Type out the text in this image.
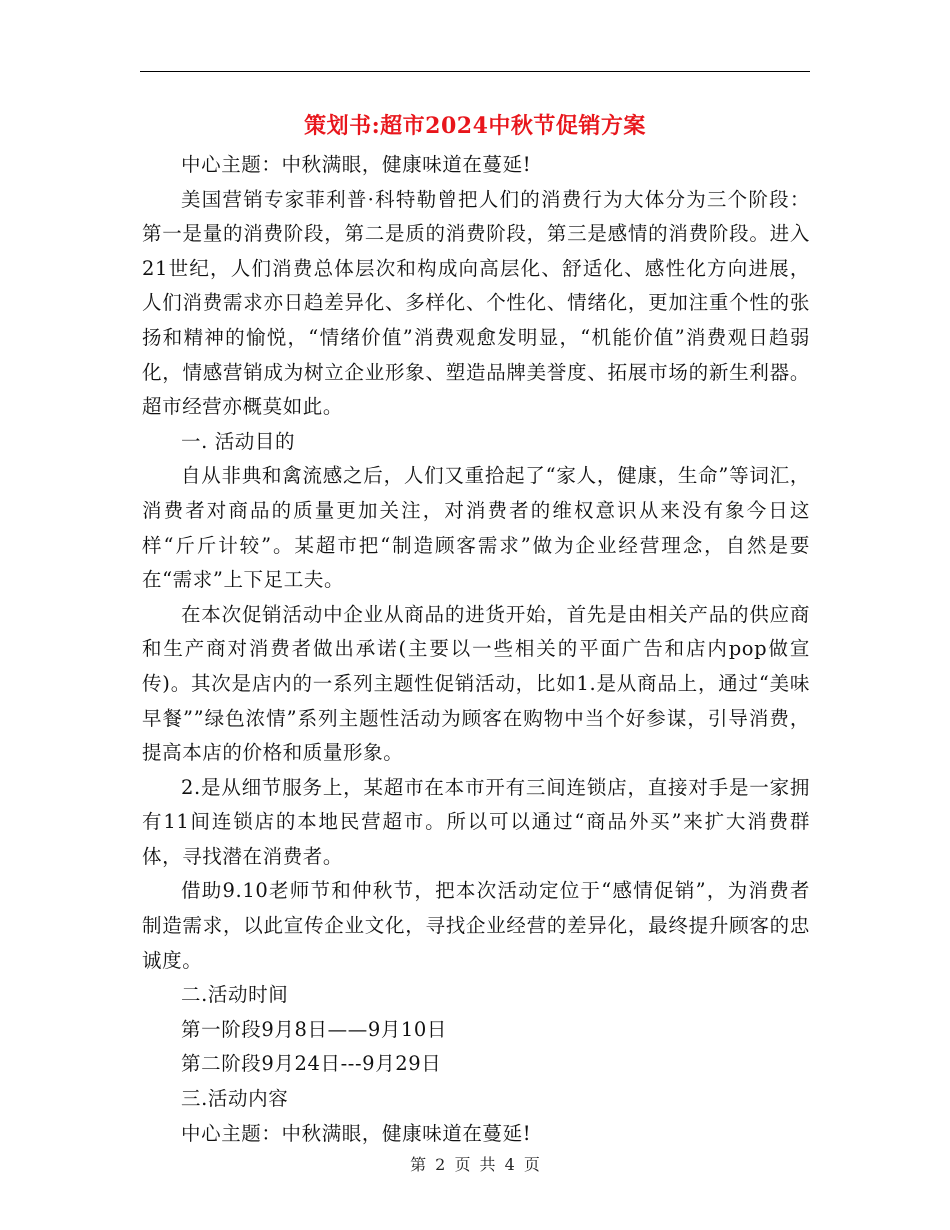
策划书:超市2024中秋节促销方案

中心主题：中秋满眼，健康味道在蔓延!

美国营销专家菲利普·科特勒曾把人们的消费行为大体分为三个阶段：第一是量的消费阶段，第二是质的消费阶段，第三是感情的消费阶段。进入21世纪，人们消费总体层次和构成向高层化、舒适化、感性化方向进展，人们消费需求亦日趋差异化、多样化、个性化、情绪化，更加注重个性的张扬和精神的愉悦，“情绪价值”消费观愈发明显，“机能价值”消费观日趋弱化，情感营销成为树立企业形象、塑造品牌美誉度、拓展市场的新生利器。超市经营亦概莫如此。

一. 活动目的

自从非典和禽流感之后，人们又重拾起了“家人，健康，生命”等词汇，消费者对商品的质量更加关注，对消费者的维权意识从来没有象今日这样“斤斤计较”。某超市把“制造顾客需求”做为企业经营理念，自然是要在“需求”上下足工夫。

在本次促销活动中企业从商品的进货开始，首先是由相关产品的供应商和生产商对消费者做出承诺(主要以一些相关的平面广告和店内pop做宣传)。其次是店内的一系列主题性促销活动，比如1.是从商品上，通过“美味早餐””绿色浓情”系列主题性活动为顾客在购物中当个好参谋，引导消费，提高本店的价格和质量形象。

2.是从细节服务上，某超市在本市开有三间连锁店，直接对手是一家拥有11间连锁店的本地民营超市。所以可以通过“商品外买”来扩大消费群体，寻找潜在消费者。

借助9.10老师节和仲秋节，把本次活动定位于“感情促销”，为消费者制造需求，以此宣传企业文化，寻找企业经营的差异化，最终提升顾客的忠诚度。

二.活动时间

第一阶段9月8日——9月10日

第二阶段9月24日---9月29日

三.活动内容

中心主题：中秋满眼，健康味道在蔓延!

第 2 页 共 4 页
